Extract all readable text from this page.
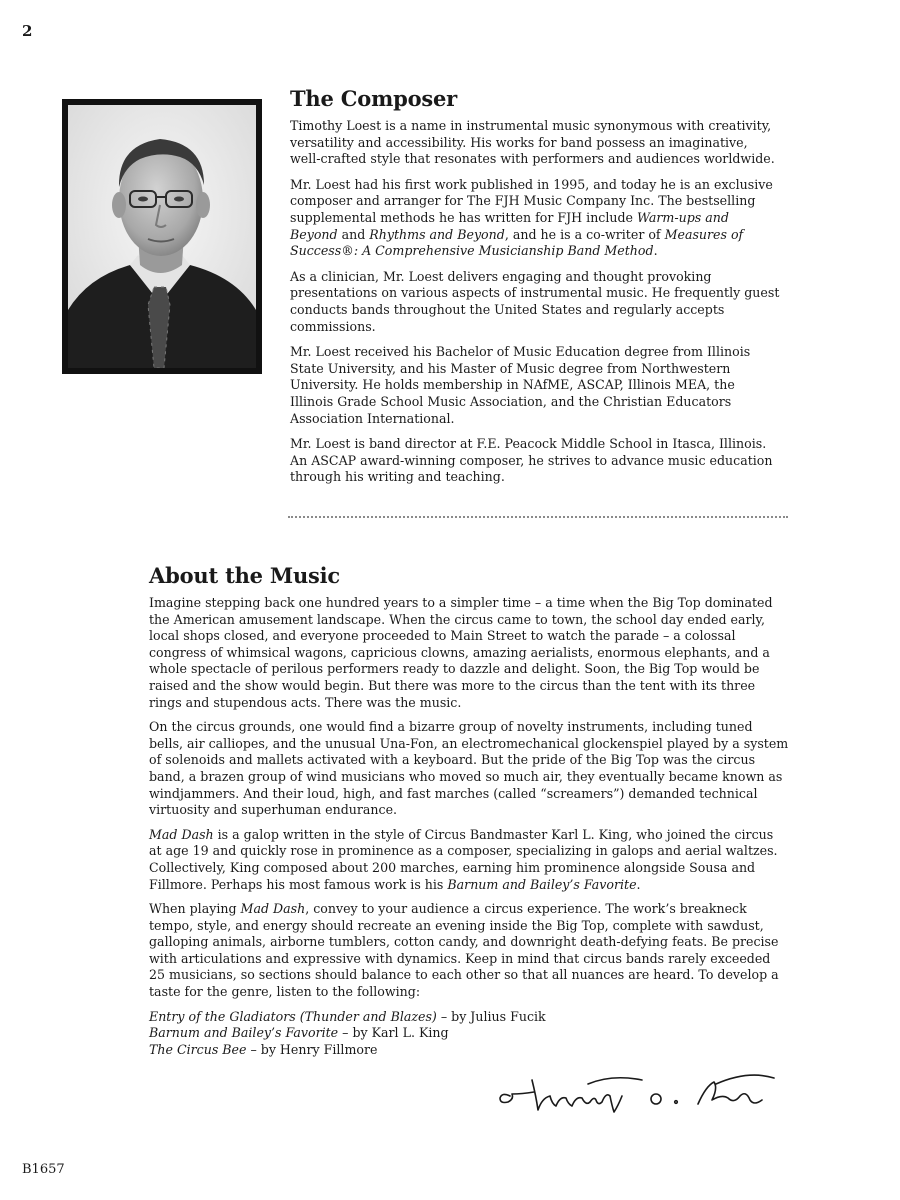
2
The Composer

Timothy Loest is a name in instrumental music synonymous with creativity, versatility and accessibility. His works for band possess an imaginative, well-crafted style that resonates with performers and audiences worldwide.

Mr. Loest had his first work published in 1995, and today he is an exclusive composer and arranger for The FJH Music Company Inc. The bestselling supplemental methods he has written for FJH include Warm-ups and Beyond and Rhythms and Beyond, and he is a co-writer of Measures of Success®: A Comprehensive Musicianship Band Method.

As a clinician, Mr. Loest delivers engaging and thought provoking presentations on various aspects of instrumental music. He frequently guest conducts bands throughout the United States and regularly accepts commissions.

Mr. Loest received his Bachelor of Music Education degree from Illinois State University, and his Master of Music degree from Northwestern University. He holds membership in NAfME, ASCAP, Illinois MEA, the Illinois Grade School Music Association, and the Christian Educators Association International.

Mr. Loest is band director at F.E. Peacock Middle School in Itasca, Illinois. An ASCAP award-winning composer, he strives to advance music education through his writing and teaching.

About the Music

Imagine stepping back one hundred years to a simpler time – a time when the Big Top dominated the American amusement landscape. When the circus came to town, the school day ended early, local shops closed, and everyone proceeded to Main Street to watch the parade – a colossal congress of whimsical wagons, capricious clowns, amazing aerialists, enormous elephants, and a whole spectacle of perilous performers ready to dazzle and delight. Soon, the Big Top would be raised and the show would begin. But there was more to the circus than the tent with its three rings and stupendous acts. There was the music.

On the circus grounds, one would find a bizarre group of novelty instruments, including tuned bells, air calliopes, and the unusual Una-Fon, an electromechanical glockenspiel played by a system of solenoids and mallets activated with a keyboard. But the pride of the Big Top was the circus band, a brazen group of wind musicians who moved so much air, they eventually became known as windjammers. And their loud, high, and fast marches (called “screamers”) demanded technical virtuosity and superhuman endurance.

Mad Dash is a galop written in the style of Circus Bandmaster Karl L. King, who joined the circus at age 19 and quickly rose in prominence as a composer, specializing in galops and aerial waltzes. Collectively, King composed about 200 marches, earning him prominence alongside Sousa and Fillmore. Perhaps his most famous work is his Barnum and Bailey’s Favorite.

When playing Mad Dash, convey to your audience a circus experience. The work’s breakneck tempo, style, and energy should recreate an evening inside the Big Top, complete with sawdust, galloping animals, airborne tumblers, cotton candy, and downright death-defying feats. Be precise with articulations and expressive with dynamics. Keep in mind that circus bands rarely exceeded 25 musicians, so sections should balance to each other so that all nuances are heard. To develop a taste for the genre, listen to the following:

Entry of the Gladiators (Thunder and Blazes) – by Julius Fucik

Barnum and Bailey’s Favorite – by Karl L. King

The Circus Bee – by Henry Fillmore

B1657
